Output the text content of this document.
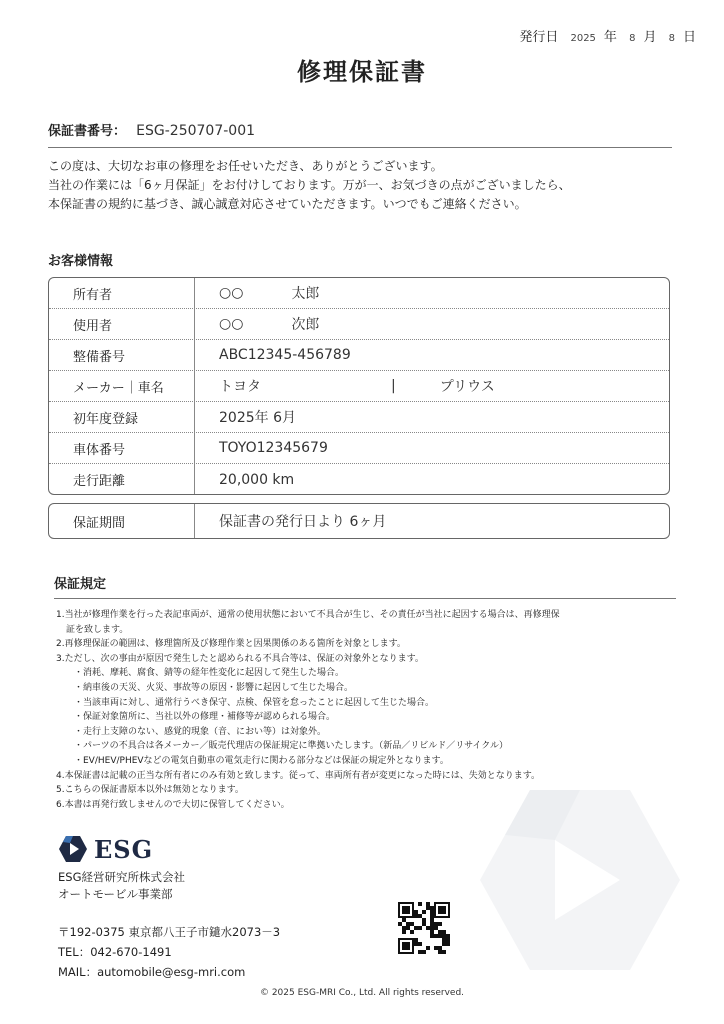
発行日 2025 年 8 月 8 日
修理保証書
保証書番号： ESG-250707-001
この度は、大切なお車の修理をお任せいただき、ありがとうございます。
当社の作業には「6ヶ月保証」をお付けしております。万が一、お気づきの点がございましたら、
本保証書の規約に基づき、誠心誠意対応させていただきます。いつでもご連絡ください。
お客様情報
所有者	○○	太郎
使用者	○○	次郎
整備番号	ABC12345-456789
メーカー｜車名	トヨタ	|	プリウス
初年度登録	2025年 6月
車体番号	TOYO12345679
走行距離	20,000 km
保証期間	保証書の発行日より 6ヶ月
保証規定
1.当社が修理作業を行った表記車両が、通常の使用状態において不具合が生じ、その責任が当社に起因する場合は、再修理保
証を致します。
2.再修理保証の範囲は、修理箇所及び修理作業と因果関係のある箇所を対象とします。
3.ただし、次の事由が原因で発生したと認められる不具合等は、保証の対象外となります。
・消耗、摩耗、腐食、錆等の経年性変化に起因して発生した場合。
・納車後の天災、火災、事故等の原因・影響に起因して生じた場合。
・当該車両に対し、通常行うべき保守、点検、保管を怠ったことに起因して生じた場合。
・保証対象箇所に、当社以外の修理・補修等が認められる場合。
・走行上支障のない、感覚的現象（音、におい等）は対象外。
・パーツの不具合は各メーカー／販売代理店の保証規定に準拠いたします。（新品／リビルド／リサイクル）
・EV/HEV/PHEVなどの電気自動車の電気走行に関わる部分などは保証の規定外となります。
4.本保証書は記載の正当な所有者にのみ有効と致します。従って、車両所有者が変更になった時には、失効となります。
5.こちらの保証書原本以外は無効となります。
6.本書は再発行致しませんので大切に保管してください。
ESG
ESG経営研究所株式会社
オートモービル事業部
〒192-0375 東京都八王子市鑓水2073－3
TEL：042-670-1491
MAIL：automobile@esg-mri.com
© 2025 ESG-MRI Co., Ltd. All rights reserved.
